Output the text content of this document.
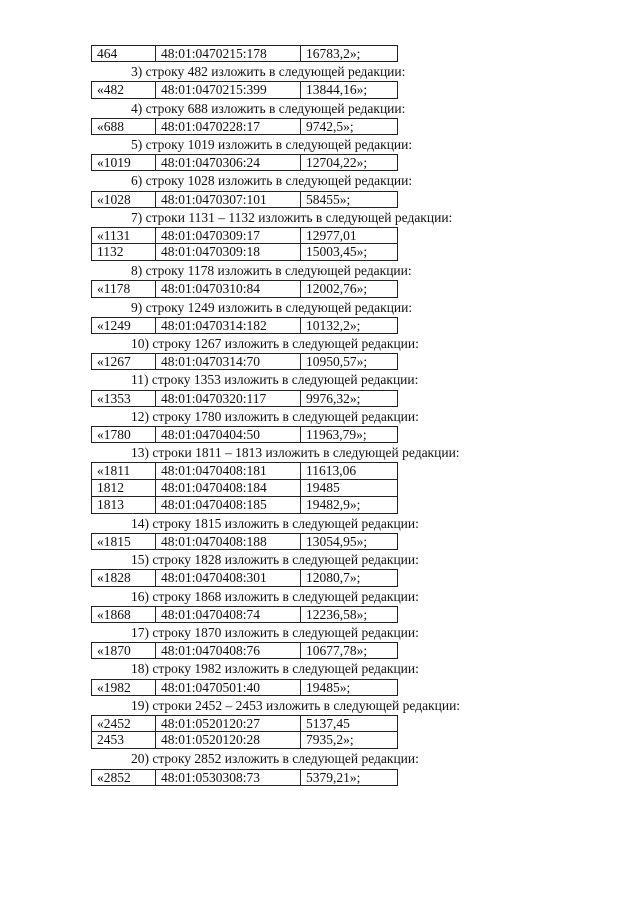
464	48:01:0470215:178	16783,2»;
3) строку 482 изложить в следующей редакции:
«482	48:01:0470215:399	13844,16»;
4) строку 688 изложить в следующей редакции:
«688	48:01:0470228:17	9742,5»;
5) строку 1019 изложить в следующей редакции:
«1019	48:01:0470306:24	12704,22»;
6) строку 1028 изложить в следующей редакции:
«1028	48:01:0470307:101	58455»;
7) строки 1131 – 1132 изложить в следующей редакции:
«1131	48:01:0470309:17	12977,01
1132	48:01:0470309:18	15003,45»;
8) строку 1178 изложить в следующей редакции:
«1178	48:01:0470310:84	12002,76»;
9) строку 1249 изложить в следующей редакции:
«1249	48:01:0470314:182	10132,2»;
10) строку 1267 изложить в следующей редакции:
«1267	48:01:0470314:70	10950,57»;
11) строку 1353 изложить в следующей редакции:
«1353	48:01:0470320:117	9976,32»;
12) строку 1780 изложить в следующей редакции:
«1780	48:01:0470404:50	11963,79»;
13) строки 1811 – 1813 изложить в следующей редакции:
«1811	48:01:0470408:181	11613,06
1812	48:01:0470408:184	19485
1813	48:01:0470408:185	19482,9»;
14) строку 1815 изложить в следующей редакции:
«1815	48:01:0470408:188	13054,95»;
15) строку 1828 изложить в следующей редакции:
«1828	48:01:0470408:301	12080,7»;
16) строку 1868 изложить в следующей редакции:
«1868	48:01:0470408:74	12236,58»;
17) строку 1870 изложить в следующей редакции:
«1870	48:01:0470408:76	10677,78»;
18) строку 1982 изложить в следующей редакции:
«1982	48:01:0470501:40	19485»;
19) строки 2452 – 2453 изложить в следующей редакции:
«2452	48:01:0520120:27	5137,45
2453	48:01:0520120:28	7935,2»;
20) строку 2852 изложить в следующей редакции:
«2852	48:01:0530308:73	5379,21»;
